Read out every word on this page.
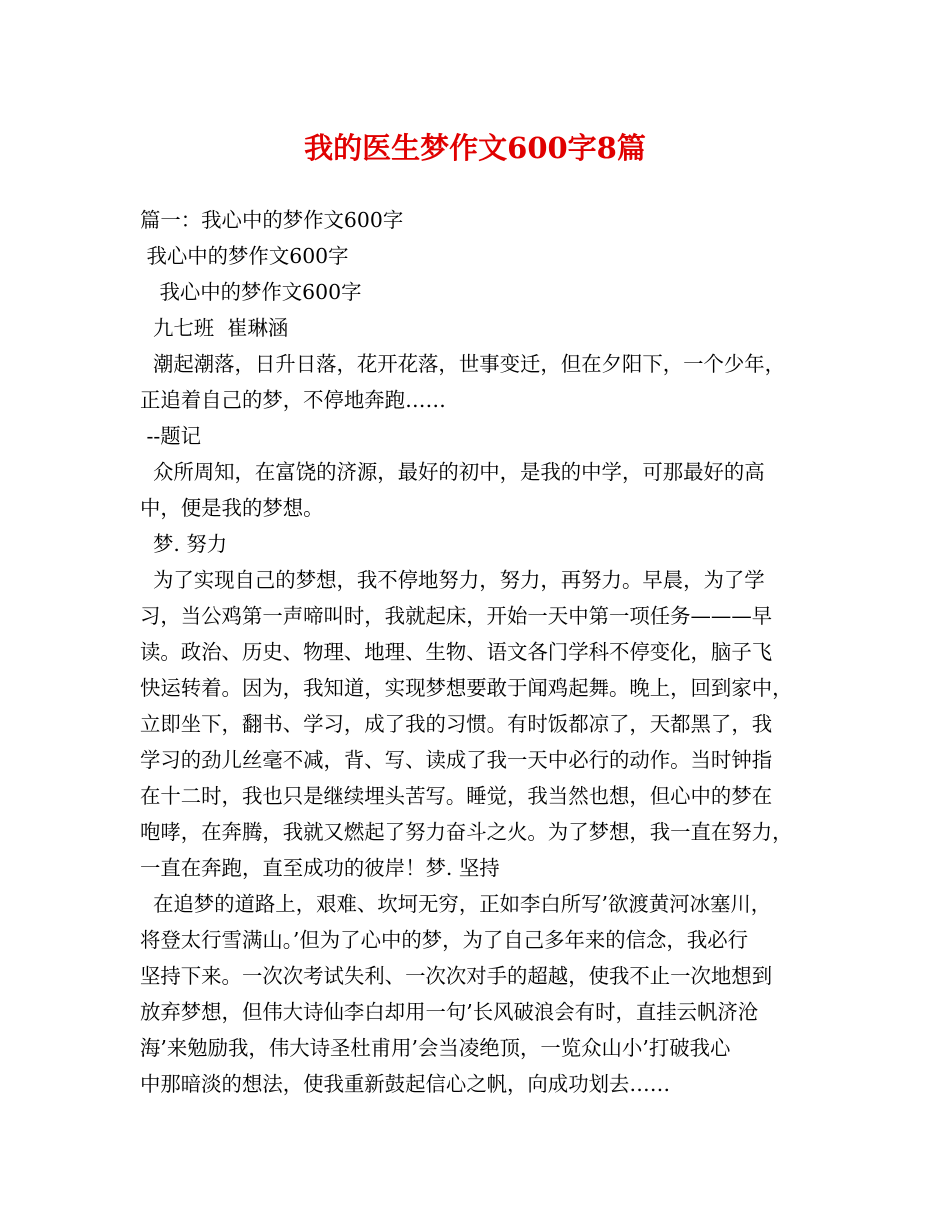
我的医生梦作文600字8篇
篇一：我心中的梦作文600字
我心中的梦作文600字
我心中的梦作文600字
九七班  崔琳涵
潮起潮落，日升日落，花开花落，世事变迁，但在夕阳下，一个少年，
正追着自己的梦，不停地奔跑……
--题记
众所周知，在富饶的济源，最好的初中，是我的中学，可那最好的高
中，便是我的梦想。
梦. 努力
为了实现自己的梦想，我不停地努力，努力，再努力。早晨，为了学
习，当公鸡第一声啼叫时，我就起床，开始一天中第一项任务———早
读。政治、历史、物理、地理、生物、语文各门学科不停变化，脑子飞
快运转着。因为，我知道，实现梦想要敢于闻鸡起舞。晚上，回到家中，
立即坐下，翻书、学习，成了我的习惯。有时饭都凉了，天都黑了，我
学习的劲儿丝毫不减，背、写、读成了我一天中必行的动作。当时钟指
在十二时，我也只是继续埋头苦写。睡觉，我当然也想，但心中的梦在
咆哮，在奔腾，我就又燃起了努力奋斗之火。为了梦想，我一直在努力，
一直在奔跑，直至成功的彼岸！梦. 坚持
在追梦的道路上，艰难、坎坷无穷，正如李白所写’欲渡黄河冰塞川，
将登太行雪满山。’但为了心中的梦，为了自己多年来的信念，我必行
坚持下来。一次次考试失利、一次次对手的超越，使我不止一次地想到
放弃梦想，但伟大诗仙李白却用一句’长风破浪会有时，直挂云帆济沧
海’来勉励我，伟大诗圣杜甫用’会当凌绝顶，一览众山小’打破我心
中那暗淡的想法，使我重新鼓起信心之帆，向成功划去……
